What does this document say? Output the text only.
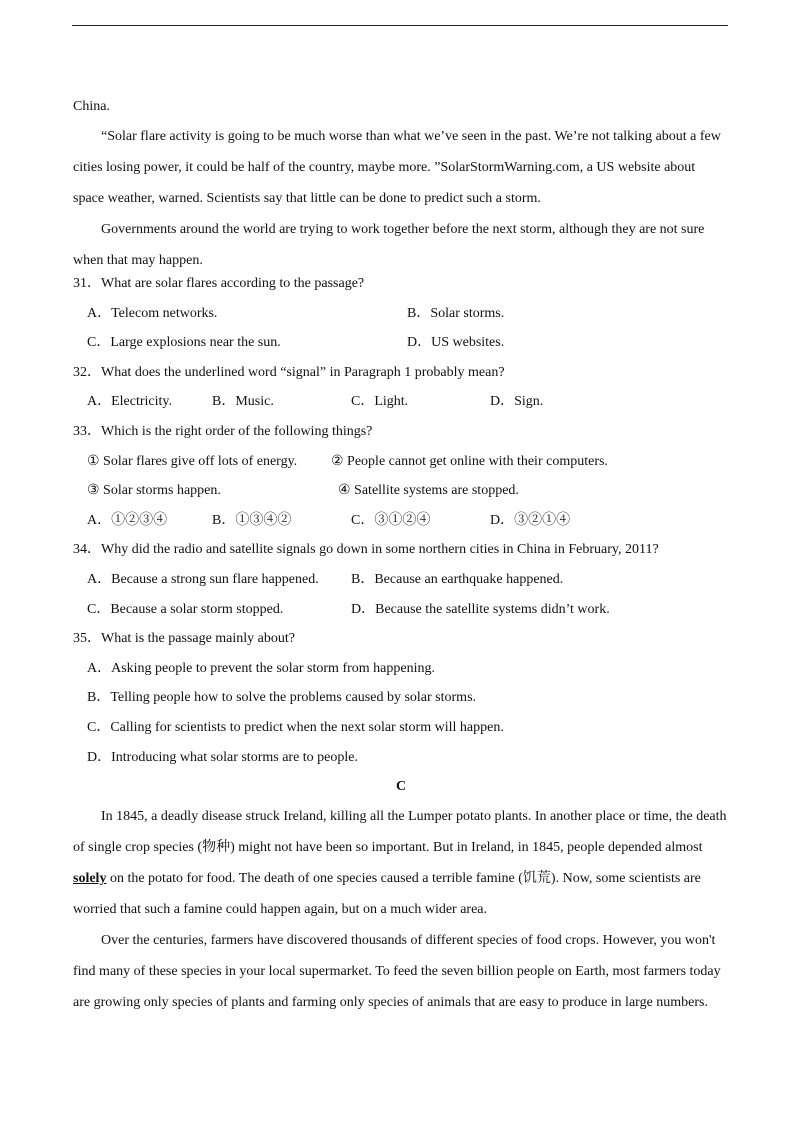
China.

“Solar flare activity is going to be much worse than what we’ve seen in the past. We’re not talking about a few cities losing power, it could be half of the country, maybe more. ”SolarStormWarning.com, a US website about space weather, warned. Scientists say that little can be done to predict such a storm.

Governments around the world are trying to work together before the next storm, although they are not sure when that may happen.

31．What are solar flares according to the passage?
A．Telecom networks.	B．Solar storms.
C．Large explosions near the sun.	D．US websites.
32．What does the underlined word “signal” in Paragraph 1 probably mean?
A．Electricity.	B．Music.	C．Light.	D．Sign.
33．Which is the right order of the following things?
① Solar flares give off lots of energy. ② People cannot get online with their computers.
③ Solar storms happen.	④ Satellite systems are stopped.
A．①②③④	B．①③④②	C．③①②④	D．③②①④
34．Why did the radio and satellite signals go down in some northern cities in China in February, 2011?
A．Because a strong sun flare happened. B．Because an earthquake happened.
C．Because a solar storm stopped.	D．Because the satellite systems didn’t work.
35．What is the passage mainly about?
A．Asking people to prevent the solar storm from happening.
B．Telling people how to solve the problems caused by solar storms.
C．Calling for scientists to predict when the next solar storm will happen.
D．Introducing what solar storms are to people.
C

In 1845, a deadly disease struck Ireland, killing all the Lumper potato plants. In another place or time, the death of single crop species (物种) might not have been so important. But in Ireland, in 1845, people depended almost solely on the potato for food. The death of one species caused a terrible famine (饥荒). Now, some scientists are worried that such a famine could happen again, but on a much wider area.

Over the centuries, farmers have discovered thousands of different species of food crops. However, you won't find many of these species in your local supermarket. To feed the seven billion people on Earth, most farmers today are growing only species of plants and farming only species of animals that are easy to produce in large numbers.
